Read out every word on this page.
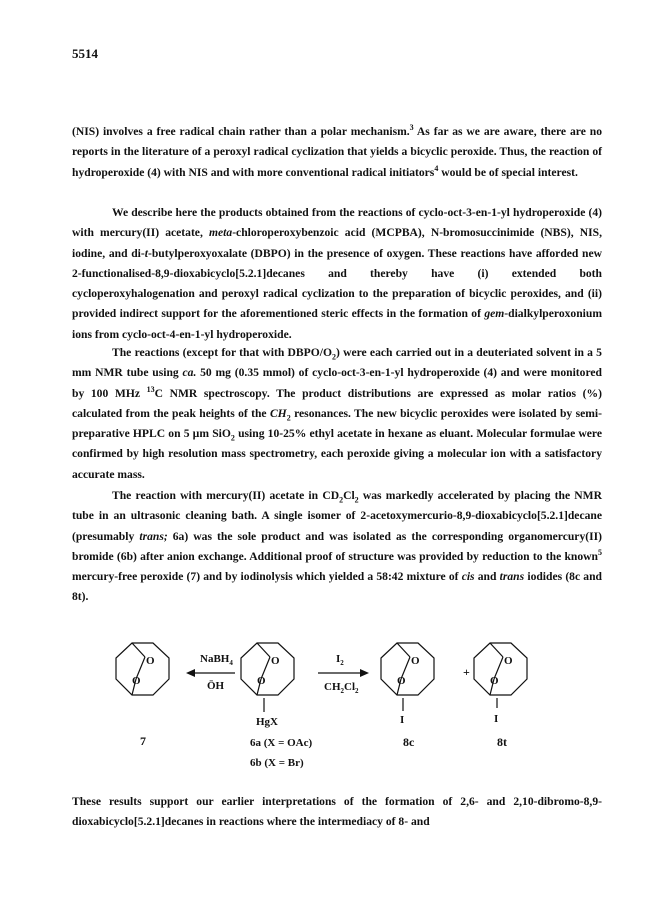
5514

(NIS) involves a free radical chain rather than a polar mechanism.$^3$ As far as we are aware, there are no reports in the literature of a peroxyl radical cyclization that yields a bicyclic peroxide. Thus, the reaction of hydroperoxide (4) with NIS and with more conventional radical initiators$^4$ would be of special interest.

We describe here the products obtained from the reactions of cyclo-oct-3-en-1-yl hydroperoxide (4) with mercury(II) acetate, meta-chloroperoxybenzoic acid (MCPBA), N-bromosuccinimide (NBS), NIS, iodine, and di-t-butylperoxyoxalate (DBPO) in the presence of oxygen. These reactions have afforded new 2-functionalised-8,9-dioxabicyclo[5.2.1]decanes and thereby have (i) extended both cycloperoxyhalogenation and peroxyl radical cyclization to the preparation of bicyclic peroxides, and (ii) provided indirect support for the aforementioned steric effects in the formation of gem-dialkylperoxonium ions from cyclo-oct-4-en-1-yl hydroperoxide.

The reactions (except for that with DBPO/$O_2$) were each carried out in a deuteriated solvent in a 5 mm NMR tube using ca. 50 mg (0.35 mmol) of cyclo-oct-3-en-1-yl hydroperoxide (4) and were monitored by 100 MHz $^{13}$C NMR spectroscopy. The product distributions are expressed as molar ratios (%) calculated from the peak heights of the $CH_2$ resonances. The new bicyclic peroxides were isolated by semi-preparative HPLC on 5 µm SiO$_2$ using 10-25% ethyl acetate in hexane as eluant. Molecular formulae were confirmed by high resolution mass spectrometry, each peroxide giving a molecular ion with a satisfactory accurate mass.

The reaction with mercury(II) acetate in $CD_2Cl_2$ was markedly accelerated by placing the NMR tube in an ultrasonic cleaning bath. A single isomer of 2-acetoxymercurio-8,9-dioxabicyclo[5.2.1]decane (presumably trans; 6a) was the sole product and was isolated as the corresponding organomercury(II) bromide (6b) after anion exchange. Additional proof of structure was provided by reduction to the known$^5$ mercury-free peroxide (7) and by iodinolysis which yielded a 58:42 mixture of cis and trans iodides (8c and 8t).

O
O
7
NaBH$_4$
ŌH
O
O
HgX
6a (X = OAc)
6b (X = Br)
$I_2$
$CH_2Cl_2$
O
O
I
8c
+
O
O
I
8t

These results support our earlier interpretations of the formation of 2,6- and 2,10-dibromo-8,9-dioxabicyclo[5.2.1]decanes in reactions where the intermediacy of 8- and
